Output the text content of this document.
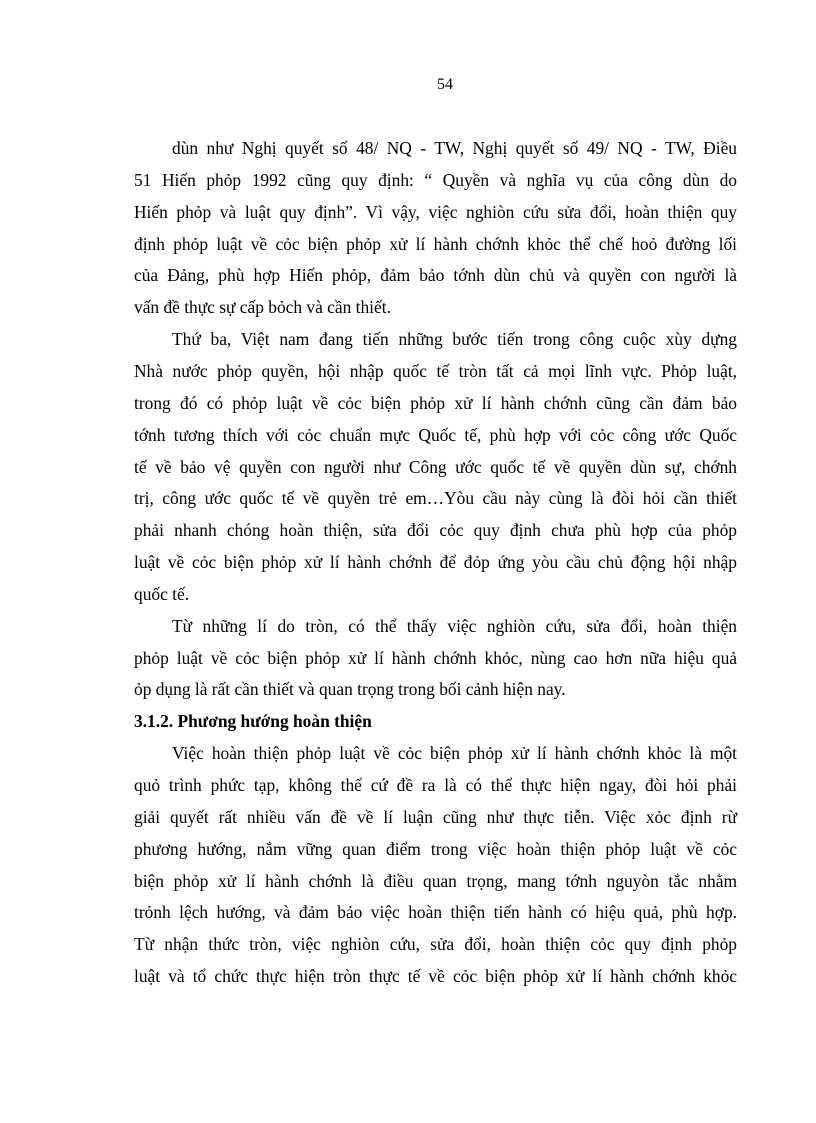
54
dùn như Nghị quyết số 48/ NQ - TW, Nghị quyết số 49/ NQ - TW, Điều
51 Hiến phỏp 1992 cũng quy định: “ Quyền và nghĩa vụ của công dùn do
Hiến phỏp và luật quy định”. Vì vậy, việc nghiòn cứu sửa đổi, hoàn thiện quy
định phỏp luật về cỏc biện phỏp xử lí hành chớnh khỏc thể chế hoỏ đường lối
của Đảng, phù hợp Hiến phỏp, đảm bảo tớnh dùn chủ và quyền con người là
vấn đề thực sự cấp bỏch và cần thiết.
Thứ ba, Việt nam đang tiến những bước tiến trong công cuộc xùy dựng
Nhà nước phỏp quyền, hội nhập quốc tế tròn tất cả mọi lĩnh vực. Phỏp luật,
trong đó có phỏp luật về cỏc biện phỏp xử lí hành chớnh cũng cần đảm bảo
tớnh tương thích với cỏc chuẩn mực Quốc tế, phù hợp với cỏc công ước Quốc
tế về bảo vệ quyền con người như Công ước quốc tế về quyền dùn sự, chớnh
trị, công ước quốc tế về quyền trẻ em…Yòu cầu này cùng là đòi hỏi cần thiết
phải nhanh chóng hoàn thiện, sửa đổi cỏc quy định chưa phù hợp của phỏp
luật về cỏc biện phỏp xử lí hành chớnh để đỏp ứng yòu cầu chủ động hội nhập
quốc tế.
Từ những lí do tròn, có thể thấy việc nghiòn cứu, sửa đổi, hoàn thiện
phỏp luật về cỏc biện phỏp xử lí hành chớnh khỏc, nùng cao hơn nữa hiệu quả
ỏp dụng là rất cần thiết và quan trọng trong bối cảnh hiện nay.
3.1.2. Phương hướng hoàn thiện
Việc hoàn thiện phỏp luật về cỏc biện phỏp xử lí hành chớnh khỏc là một
quỏ trình phức tạp, không thể cứ đề ra là có thể thực hiện ngay, đòi hỏi phải
giải quyết rất nhiều vấn đề về lí luận cũng như thực tiễn. Việc xỏc định rừ
phương hướng, nắm vững quan điểm trong việc hoàn thiện phỏp luật về cỏc
biện phỏp xử lí hành chớnh là điều quan trọng, mang tớnh nguyòn tắc nhằm
trỏnh lệch hướng, và đảm bảo việc hoàn thiện tiến hành có hiệu quả, phù hợp.
Từ nhận thức tròn, việc nghiòn cứu, sửa đổi, hoàn thiện cỏc quy định phỏp
luật và tổ chức thực hiện tròn thực tế về cỏc biện phỏp xử lí hành chớnh khỏc
